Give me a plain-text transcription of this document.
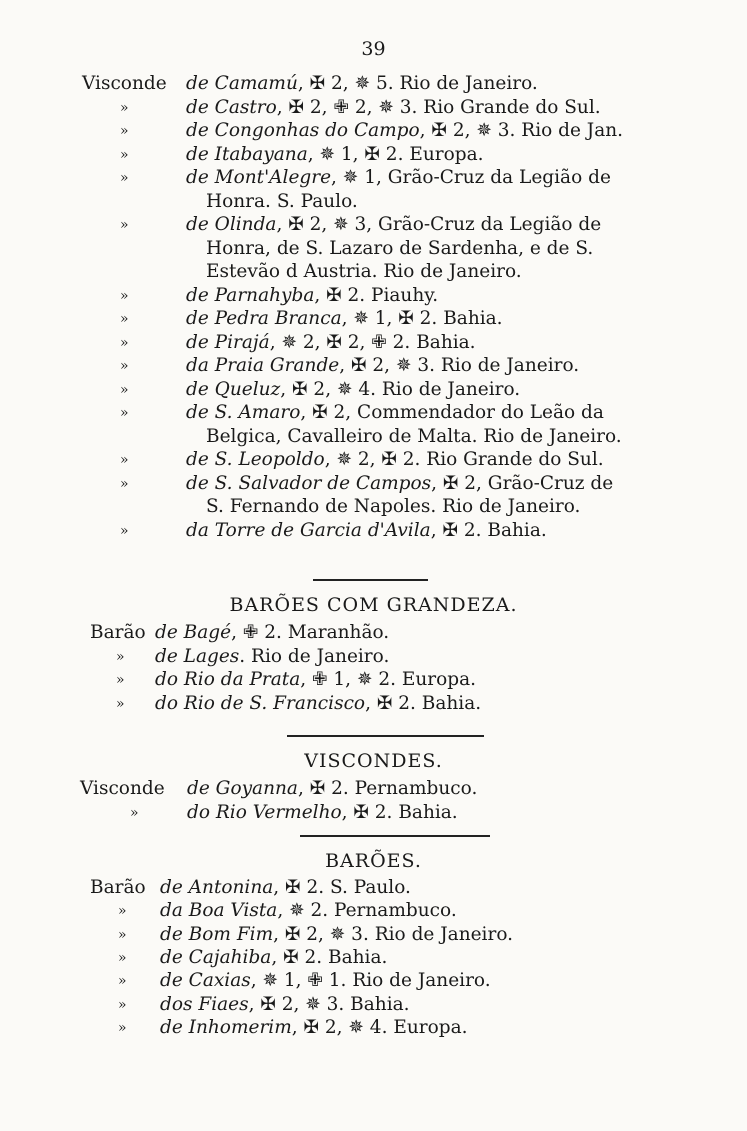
39
Visconde de Camamú, ✠ 2, ✵ 5. Rio de Janeiro.
»	de Castro, ✠ 2, ✙ 2, ✵ 3. Rio Grande do Sul.
»	de Congonhas do Campo, ✠ 2, ✵ 3. Rio de Jan.
»	de Itabayana, ✵ 1, ✠ 2. Europa.
»	de Mont'Alegre, ✵ 1, Grão-Cruz da Legião de
Honra. S. Paulo.
»	de Olinda, ✠ 2, ✵ 3, Grão-Cruz da Legião de
Honra, de S. Lazaro de Sardenha, e de S.
Estevão d Austria. Rio de Janeiro.
»	de Parnahyba, ✠ 2. Piauhy.
»	de Pedra Branca, ✵ 1, ✠ 2. Bahia.
»	de Pirajá, ✵ 2, ✠ 2, ✙ 2. Bahia.
»	da Praia Grande, ✠ 2, ✵ 3. Rio de Janeiro.
»	de Queluz, ✠ 2, ✵ 4. Rio de Janeiro.
»	de S. Amaro, ✠ 2, Commendador do Leão da
Belgica, Cavalleiro de Malta. Rio de Janeiro.
»	de S. Leopoldo, ✵ 2, ✠ 2. Rio Grande do Sul.
»	de S. Salvador de Campos, ✠ 2, Grão-Cruz de
S. Fernando de Napoles. Rio de Janeiro.
»	da Torre de Garcia d'Avila, ✠ 2. Bahia.
BARÕES COM GRANDEZA.
Barão de Bagé, ✙ 2. Maranhão.
» de Lages. Rio de Janeiro.
» do Rio da Prata, ✙ 1, ✵ 2. Europa.
» do Rio de S. Francisco, ✠ 2. Bahia.
VISCONDES.
Visconde de Goyanna, ✠ 2. Pernambuco.
»	do Rio Vermelho, ✠ 2. Bahia.
BARÕES.
Barão de Antonina, ✠ 2. S. Paulo.
» da Boa Vista, ✵ 2. Pernambuco.
» de Bom Fim, ✠ 2, ✵ 3. Rio de Janeiro.
» de Cajahiba, ✠ 2. Bahia.
» de Caxias, ✵ 1, ✙ 1. Rio de Janeiro.
» dos Fiaes, ✠ 2, ✵ 3. Bahia.
» de Inhomerim, ✠ 2, ✵ 4. Europa.
